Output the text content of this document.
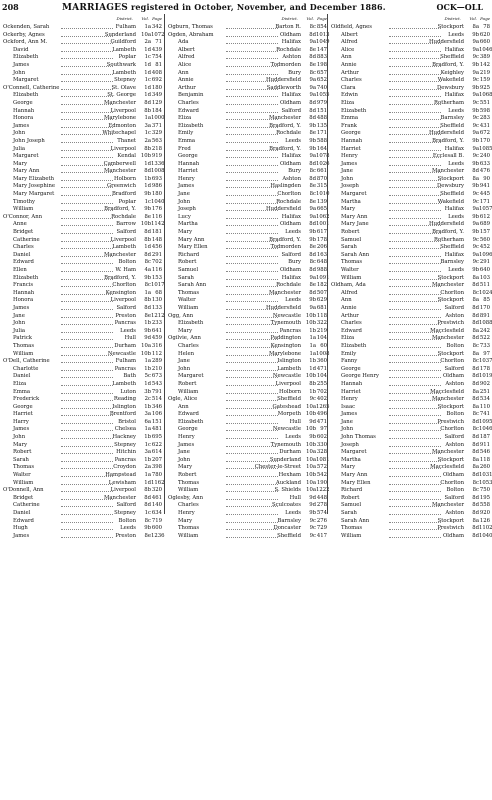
208	MARRIAGES registered in October, November, and December 1886.	OCK—OLL
District. Vol. Page
Ockenden, Sarah	Fulham	1a 342
Ockerby, Agnes	Sunderland 10a 1072
Ockford, Ann M.	Guildford	2a 71
David	Lambeth	1d 439
Elizabeth	Poplar	1c 754
James	Southwark	1d 81
John	Lambeth	1d 408
Margaret	Stepney	1c 692
O'Connell, Catherine	St. Olave	1d 180
Elizabeth	St. George	1d 349
George	Manchester	8d 129
Hannah	Liverpool	8b 184
Honora	Marylebone	1a 1000
James	Edmonton	3a 371
John	Whitechapel	1c 329
John Joseph	Thanet	2a 563
Julia	Liverpool	8b 218
Margaret	Kendal 10b 919
Mary	Camberwell	1d 1336
Mary Ann	Manchester	8d 1008
Mary Elizabeth	Holborn	1b 693
Mary Josephine	Greenwich	1d 986
Mary Margaret	Bradford	9b 180
Timothy	Poplar	1c 1040
William	Bradford, Y.	9b 176
O'Connor, Ann	Rochdale	8e 116
Anne	Barrow 10b 1142
Bridget	Salford	8d 181
Catherine	Liverpool	8b 148
Charles	Lambeth	1d 456
Daniel	Manchester	8d 291
Edward	Bolton	8c 702
Ellen	W. Ham	4a 116
Elizabeth	Bradford, Y.	9b 153
Francis	Chorlton	8c 1017
Hannah	Kensington	1a 68
Honora	Liverpool	8b 130
James	Salford	8d 133
Jane	Preston	8e 1212
John	Pancras	1b 233
Julia	Leeds	9b 641
Patrick	Hull	9d 459
Thomas	Durham 10a 316
William	Newcastle 10b 112
O'Dell, Catherine	Fulham	1a 289
Charlotte	Pancras	1b 210
Daniel	Bath	5c 673
Eliza	Lambeth	1d 543
Emma	Luton	3b 791
Frederick	Reading	2c 514
George	Islington	1b 346
Harriet	Brentford	3a 106
Harry	Bristol	6a 151
James	Chelsea	1a 481
John	Hackney	1b 695
Mary	Stepney	1c 622
Robert	Hitchin	3a 614
Sarah	Pancras	1b 207
Thomas	Croydon	2a 398
Walter	Hampstead	1a 780
William	Lewisham	1d 1162
O'Donnell, Ann	Liverpool	8b 320
Bridget	Manchester	8d 461
Catherine	Salford	8d 140
Daniel	Stepney	1c 634
Edward	Bolton	8c 719
Hugh	Leeds	9b 600
James	Preston	8e 1236
District. Vol. Page
Ogburn, Thomas	Barton R.	8c 854
Ogden, Abraham	Oldham	8d 1013
Ada	Halifax	9a 1049
Albert	Rochdale	8e 147
Alfred	Ashton	8d 883
Alice	Todmorden	8e 198
Ann	Bury	8c 657
Annie	Huddersfield	9a 652
Arthur	Saddleworth	9a 740
Benjamin	Halifax	9a 1055
Charles	Oldham	8d 979
Edward	Salford	8d 151
Eliza	Manchester	8d 488
Elizabeth	Bradford, Y.	9b 135
Emily	Rochdale	8e 171
Emma	Leeds	9b 588
Fred	Bradford, Y.	9b 164
George	Halifax	9a 1078
Hannah	Oldham	8d 1026
Harriet	Bury	8c 661
Henry	Ashton	8d 870
James	Haslingden	8e 315
Jane	Chorlton	8c 1010
John	Rochdale	8e 139
Joseph	Huddersfield	9a 665
Lucy	Halifax	9a 1062
Martha	Oldham	8d 1001
Mary	Leeds	9b 617
Mary Ann	Bradford, Y.	9b 178
Mary Ellen	Todmorden	8e 206
Richard	Salford	8d 163
Robert	Bury	8c 648
Samuel	Oldham	8d 988
Sarah	Halifax	9a 1091
Sarah Ann	Rochdale	8e 182
Thomas	Manchester	8d 507
Walter	Leeds	9b 629
William	Huddersfield	9a 681
Ogg, Ann	Newcastle 10b 118
Elizabeth	Tynemouth 10b 322
Mary	Pancras	1b 219
Ogilvie, Ann	Paddington	1a 104
Charles	Kensington	1a 60
Helen	Marylebone	1a 1008
Jane	Islington	1b 360
John	Lambeth	1d 471
Margaret	Newcastle 10b 104
Robert	Liverpool	8b 255
William	Holborn	1b 702
Ogle, Alice	Sheffield	9c 402
Ann	Gateshead 10a 1265
Edward	Morpeth 10b 496
Elizabeth	Hull	9d 471
George	Newcastle 10b 97
Henry	Leeds	9b 602
James	Tynemouth 10b 330
Jane	Durham 10a 328
John	Sunderland 10a 1081
Mary	Chester-le-Street 10a 572
Robert	Hexham 10b 542
Thomas	Auckland 10a 190
William	S. Shields 10a 1222
Oglesby, Ann	Hull	9d 448
Charles	Sculcoates	9d 278
Henry	Leeds	9b 574
Mary	Barnsley	9c 276
Thomas	Doncaster	9c 729
William	Sheffield	9c 417
District. Vol. Page
Oldfield, Agnes	Stockport	8a 78
Albert	Leeds	9b 620
Alfred	Huddersfield	9a 660
Alice	Halifax	9a 1046
Ann	Sheffield	9c 389
Annie	Bradford, Y.	9b 142
Arthur	Keighley	9a 219
Charles	Wakefield	9c 159
Clara	Dewsbury	9b 925
Edwin	Halifax	9a 1068
Eliza	Rotherham	9c 551
Elizabeth	Leeds	9b 598
Emma	Barnsley	9c 283
Frank	Sheffield	9c 431
George	Huddersfield	9a 672
Hannah	Bradford, Y.	9b 170
Harriet	Halifax	9a 1085
Henry	Ecclesall B.	9c 240
James	Leeds	9b 633
Jane	Manchester	8d 476
John	Stockport	8a 90
Joseph	Dewsbury	9b 941
Margaret	Sheffield	9c 445
Martha	Wakefield	9c 171
Mary	Halifax	9a 1057
Mary Ann	Leeds	9b 612
Mary Jane	Huddersfield	9a 689
Robert	Bradford, Y.	9b 157
Samuel	Rotherham	9c 560
Sarah	Sheffield	9c 452
Sarah Ann	Halifax	9a 1096
Thomas	Barnsley	9c 291
Walter	Leeds	9b 640
William	Stockport	8a 103
Oldham, Ada	Manchester	8d 511
Alfred	Chorlton	8c 1024
Ann	Stockport	8a 85
Annie	Salford	8d 170
Arthur	Ashton	8d 891
Charles	Prestwich	8d 1088
Edward	Macclesfield	8a 242
Eliza	Manchester	8d 522
Elizabeth	Bolton	8c 733
Emily	Stockport	8a 97
Fanny	Chorlton	8c 1037
George	Salford	8d 178
George Henry	Oldham	8d 1019
Hannah	Ashton	8d 902
Harriet	Macclesfield	8a 251
Henry	Manchester	8d 534
Isaac	Stockport	8a 110
James	Bolton	8c 741
Jane	Prestwich	8d 1095
John	Chorlton	8c 1046
John Thomas	Salford	8d 187
Joseph	Ashton	8d 911
Margaret	Manchester	8d 546
Martha	Stockport	8a 118
Mary	Macclesfield	8a 260
Mary Ann	Oldham	8d 1031
Mary Ellen	Chorlton	8c 1053
Richard	Bolton	8c 750
Robert	Salford	8d 195
Samuel	Manchester	8d 558
Sarah	Ashton	8d 920
Sarah Ann	Stockport	8a 126
Thomas	Prestwich	8d 1102
William	Oldham	8d 1040
